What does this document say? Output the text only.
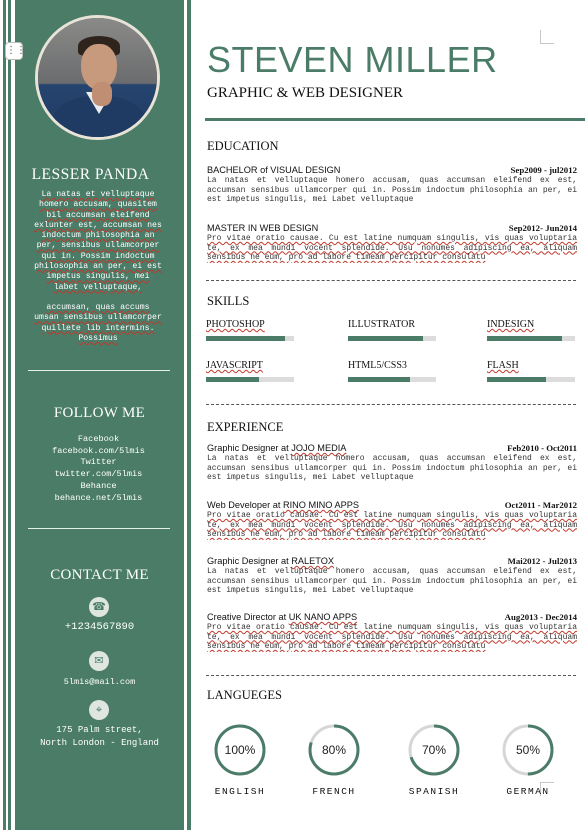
⋮⋮
LESSER PANDA

La natas et velluptaque homero accusam, quasitem bil accumsan eleifend exlunter est, accumsan nes indoctum philosophia an per, sensibus ullamcorper qui in. Possim indoctum philosophia an per, ei est impetus singulis, mei labet velluptaque,

accumsan, quas accums umsan sensibus ullamcorper quillete lib intermins. Possimus

FOLLOW ME
Facebook
facebook.com/5lmis
Twitter
twitter.com/5lmis
Behance
behance.net/5lmis
CONTACT ME
☎
+1234567890
✉
5lmis@mail.com
⌖
175 Palm street,
North London - England
STEVEN MILLER
GRAPHIC & WEB DESIGNER
EDUCATION
BACHELOR of VISUAL DESIGN	Sep2009 - jul2012
La natas et velluptaque homero accusam, quas accumsan eleifend ex est, accumsan sensibus ullamcorper qui in. Possim indoctum philosophia an per, ei est impetus singulis, mei Labet velluptaque
MASTER IN WEB DESIGN	Sep2012- Jun2014
Pro vitae oratio causae. Cu est latine numquam singulis, vis quas voluptaria te, ex mea mundi vocent splendide. Usu nonumes adipiscing ea, aliquam sensibus ne eum, pro ad labore timeam percipitur consulatu
SKILLS
PHOTOSHOP	ILLUSTRATOR	INDESIGN
JAVASCRIPT	HTML5/CSS3	FLASH
EXPERIENCE
Graphic Designer at JOJO MEDIA	Feb2010 - Oct2011
La natas et velluptaque homero accusam, quas accumsan eleifend ex est, accumsan sensibus ullamcorper qui in. Possim indoctum philosophia an per, ei est impetus singulis, mei Labet velluptaque
Web Developer at RINO MINO APPS	Oct2011 - Mar2012
Pro vitae oratio causae. Cu est latine numquam singulis, vis quas voluptaria te, ex mea mundi vocent splendide. Usu nonumes adipiscing ea, aliquam sensibus ne eum, pro ad labore timeam percipitur consulatu
Graphic Designer at RALETOX	Mai2012 - Jul2013
La natas et velluptaque homero accusam, quas accumsan eleifend ex est, accumsan sensibus ullamcorper qui in. Possim indoctum philosophia an per, ei est impetus singulis, mei Labet velluptaque
Creative Director at UK NANO APPS	Aug2013 - Dec2014
Pro vitae oratio causae. Cu est latine numquam singulis, vis quas voluptaria te, ex mea mundi vocent splendide. Usu nonumes adipiscing ea, aliquam sensibus ne eum, pro ad labore timeam percipitur consulatu
LANGUEGES
100%
ENGLISH
80%
FRENCH
70%
SPANISH
50%
GERMAN
